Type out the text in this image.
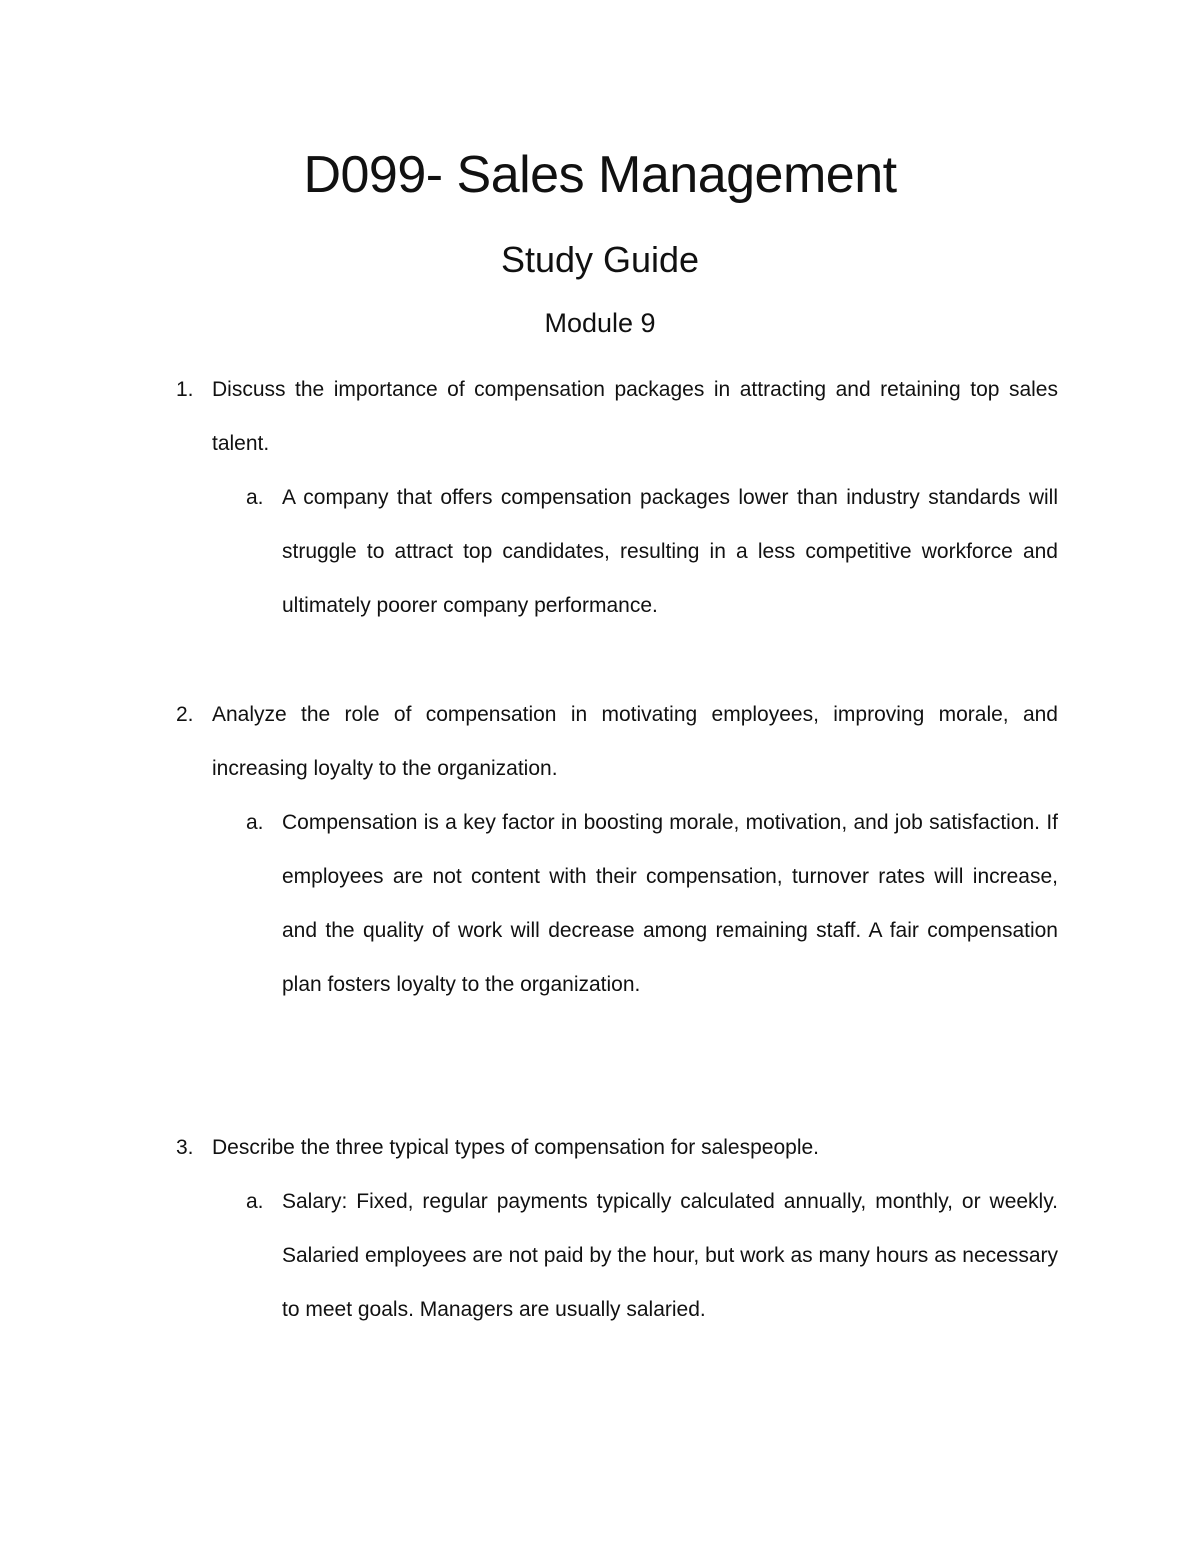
D099- Sales Management
Study Guide
Module 9
1. Discuss the importance of compensation packages in attracting and retaining top sales talent.
a. A company that offers compensation packages lower than industry standards will struggle to attract top candidates, resulting in a less competitive workforce and ultimately poorer company performance.
2. Analyze the role of compensation in motivating employees, improving morale, and increasing loyalty to the organization.
a. Compensation is a key factor in boosting morale, motivation, and job satisfaction. If employees are not content with their compensation, turnover rates will increase, and the quality of work will decrease among remaining staff. A fair compensation plan fosters loyalty to the organization.
3. Describe the three typical types of compensation for salespeople.
a. Salary: Fixed, regular payments typically calculated annually, monthly, or weekly. Salaried employees are not paid by the hour, but work as many hours as necessary to meet goals. Managers are usually salaried.
